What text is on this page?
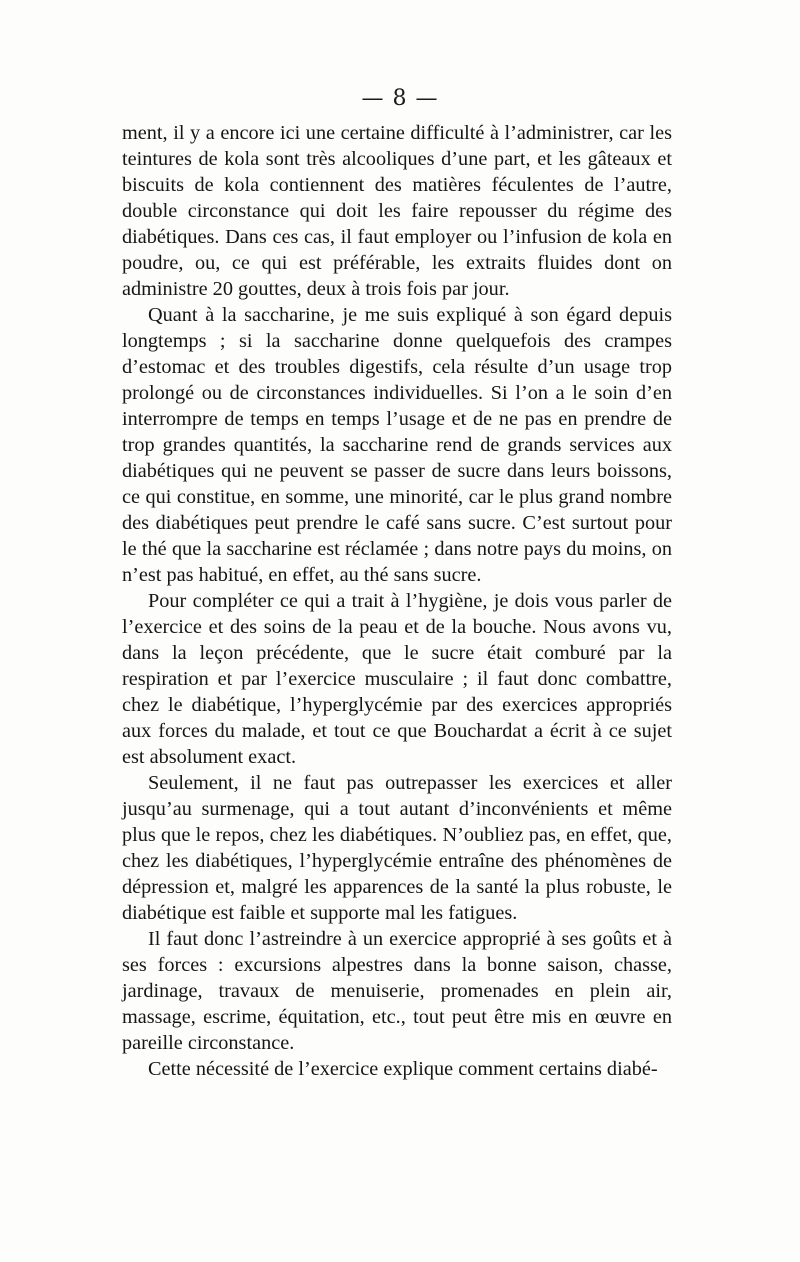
— 8 —

ment, il y a encore ici une certaine difficulté à l’administrer, car les teintures de kola sont très alcooliques d’une part, et les gâteaux et biscuits de kola contiennent des matières féculentes de l’autre, double circonstance qui doit les faire repousser du régime des diabétiques. Dans ces cas, il faut employer ou l’infusion de kola en poudre, ou, ce qui est préférable, les extraits fluides dont on administre 20 gouttes, deux à trois fois par jour.

Quant à la saccharine, je me suis expliqué à son égard depuis longtemps ; si la saccharine donne quelquefois des crampes d’estomac et des troubles digestifs, cela résulte d’un usage trop prolongé ou de circonstances individuelles. Si l’on a le soin d’en interrompre de temps en temps l’usage et de ne pas en prendre de trop grandes quantités, la saccharine rend de grands services aux diabétiques qui ne peuvent se passer de sucre dans leurs boissons, ce qui constitue, en somme, une minorité, car le plus grand nombre des diabétiques peut prendre le café sans sucre. C’est surtout pour le thé que la saccharine est réclamée ; dans notre pays du moins, on n’est pas habitué, en effet, au thé sans sucre.

Pour compléter ce qui a trait à l’hygiène, je dois vous parler de l’exercice et des soins de la peau et de la bouche. Nous avons vu, dans la leçon précédente, que le sucre était comburé par la respiration et par l’exercice musculaire ; il faut donc combattre, chez le diabétique, l’hyperglycémie par des exercices appropriés aux forces du malade, et tout ce que Bouchardat a écrit à ce sujet est absolument exact.

Seulement, il ne faut pas outrepasser les exercices et aller jusqu’au surmenage, qui a tout autant d’inconvénients et même plus que le repos, chez les diabétiques. N’oubliez pas, en effet, que, chez les diabétiques, l’hyperglycémie entraîne des phénomènes de dépression et, malgré les apparences de la santé la plus robuste, le diabétique est faible et supporte mal les fatigues.

Il faut donc l’astreindre à un exercice approprié à ses goûts et à ses forces : excursions alpestres dans la bonne saison, chasse, jardinage, travaux de menuiserie, promenades en plein air, massage, escrime, équitation, etc., tout peut être mis en œuvre en pareille circonstance.

Cette nécessité de l’exercice explique comment certains diabé-
